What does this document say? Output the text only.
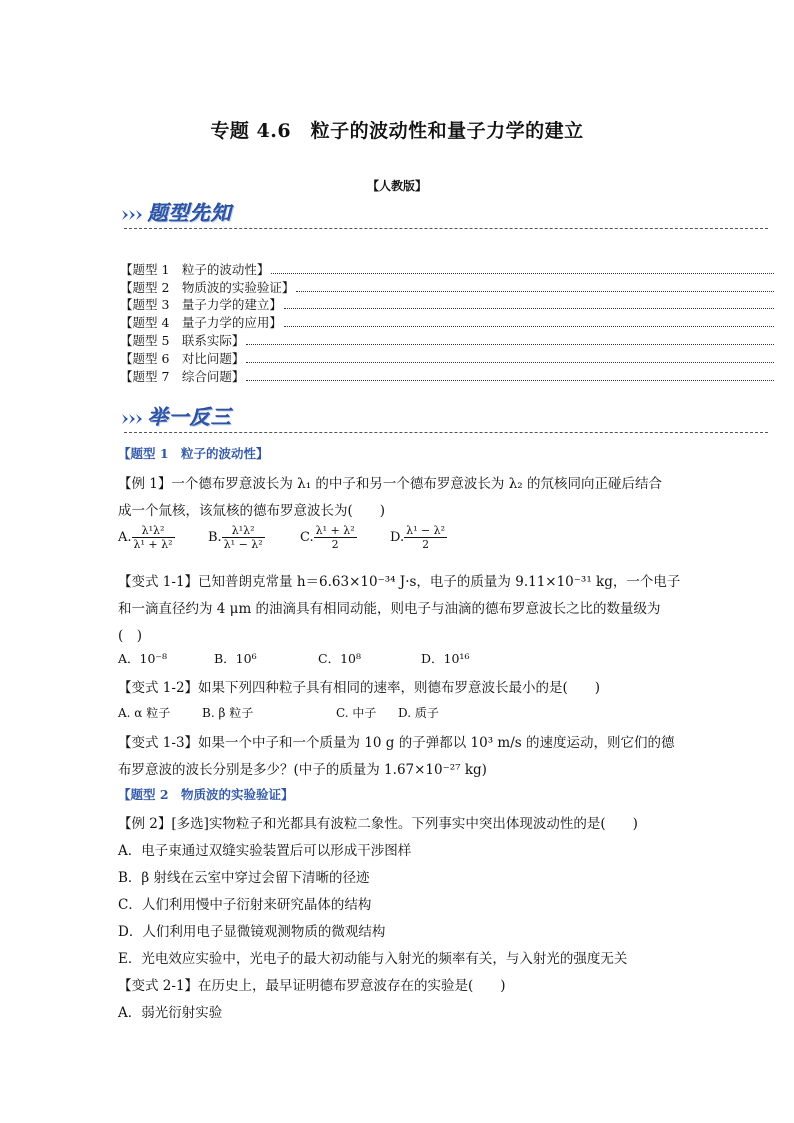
专题 4.6　粒子的波动性和量子力学的建立
【人教版】
题型先知
【题型 1　粒子的波动性】
【题型 2　物质波的实验验证】
【题型 3　量子力学的建立】
【题型 4　量子力学的应用】
【题型 5　联系实际】
【题型 6　对比问题】
【题型 7　综合问题】
举一反三
【题型 1　粒子的波动性】
【例 1】一个德布罗意波长为 λ₁ 的中子和另一个德布罗意波长为 λ₂ 的氘核同向正碰后结合
成一个氚核，该氚核的德布罗意波长为(　　)
A. $\frac{\text{λ¹λ²}}{\text{λ¹ + λ²}}$	B. $\frac{\text{λ¹λ²}}{\text{λ¹ − λ²}}$	C. $\frac{\text{λ¹ + λ²}}{2}$	D. $\frac{\text{λ¹ − λ²}}{2}$
【变式 1-1】已知普朗克常量 h＝6.63×10⁻³⁴ J·s，电子的质量为 9.11×10⁻³¹ kg，一个电子
和一滴直径约为 4 μm 的油滴具有相同动能，则电子与油滴的德布罗意波长之比的数量级为
(　)
A．10⁻⁸	B．10⁶	C．10⁸	D．10¹⁶
【变式 1-2】如果下列四种粒子具有相同的速率，则德布罗意波长最小的是(　　)
A. α 粒子	B. β 粒子	C. 中子 D. 质子
【变式 1-3】如果一个中子和一个质量为 10 g 的子弹都以 10³ m/s 的速度运动，则它们的德
布罗意波的波长分别是多少？(中子的质量为 1.67×10⁻²⁷ kg)
【题型 2　物质波的实验验证】
【例 2】[多选]实物粒子和光都具有波粒二象性。下列事实中突出体现波动性的是(　　)
A．电子束通过双缝实验装置后可以形成干涉图样
B．β 射线在云室中穿过会留下清晰的径迹
C．人们利用慢中子衍射来研究晶体的结构
D．人们利用电子显微镜观测物质的微观结构
E．光电效应实验中，光电子的最大初动能与入射光的频率有关，与入射光的强度无关
【变式 2-1】在历史上，最早证明德布罗意波存在的实验是(　　)
A．弱光衍射实验
